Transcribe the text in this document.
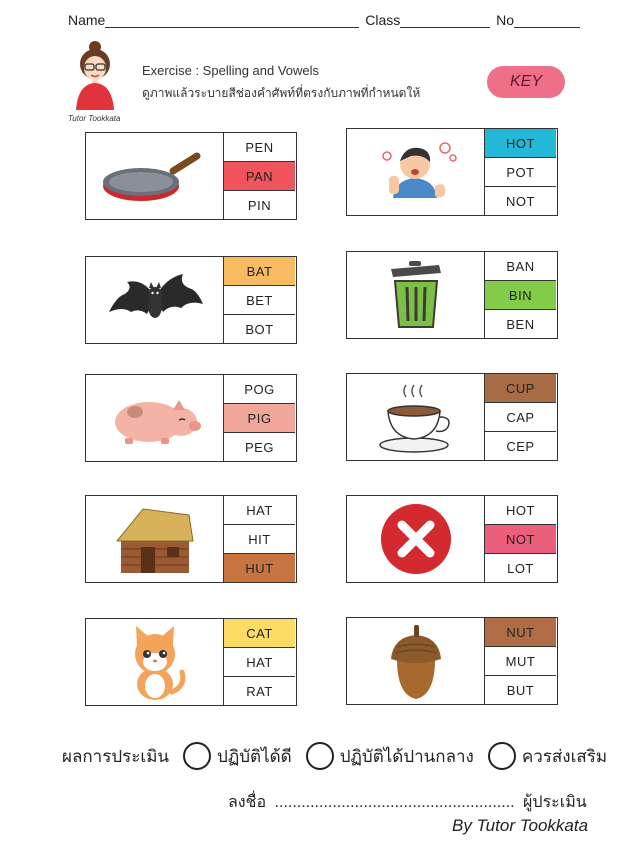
Name	Class	No
Tutor Tookkata
Exercise : Spelling and Vowels
ดูภาพแล้วระบายสีช่องคำศัพท์ที่ตรงกับภาพที่กำหนดให้
KEY
PEN
PAN
PIN
HOT
POT
NOT
BAT
BET
BOT
BAN
BIN
BEN
POG
PIG
PEG
CUP
CAP
CEP
HAT
HIT
HUT
HOT
NOT
LOT
CAT
HAT
RAT
NUT
MUT
BUT
ผลการประเมิน	ปฏิบัติได้ดี	ปฏิบัติได้ปานกลาง	ควรส่งเสริม
ลงชื่อ ...................................................... ผู้ประเมิน
By Tutor Tookkata
